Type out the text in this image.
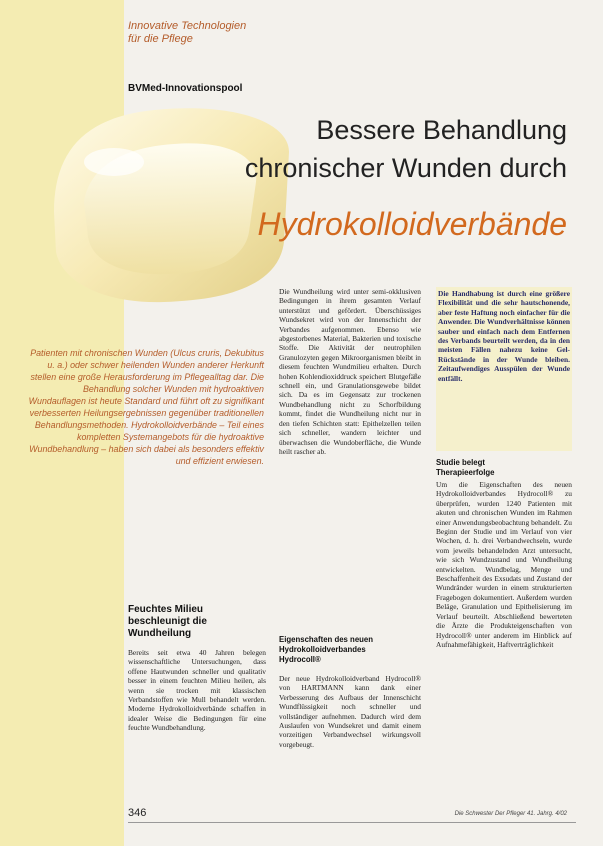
Innovative Technologien
für die Pflege
BVMed-Innovationspool
Bessere Behandlung
chronischer Wunden durch
Hydrokolloidverbände
Patienten mit chronischen Wunden (Ulcus cruris, Dekubitus u. a.) oder schwer heilenden Wunden anderer Herkunft stellen eine große Herausforderung im Pflegealltag dar. Die Behandlung solcher Wunden mit hydroaktiven Wundauflagen ist heute Standard und führt oft zu signifikant verbesserten Heilungsergebnissen gegenüber traditionellen Behandlungsmethoden. Hydrokolloidverbände – Teil eines kompletten Systemangebots für die hydroaktive Wundbehandlung – haben sich dabei als besonders effektiv und effizient erwiesen.
Feuchtes Milieu
beschleunigt die
Wundheilung
Bereits seit etwa 40 Jahren belegen wissenschaftliche Untersuchungen, dass offene Hautwunden schneller und qualitativ besser in einem feuchten Milieu heilen, als wenn sie trocken mit klassischen Verbandstoffen wie Mull behandelt werden. Moderne Hydrokolloidverbände schaffen in idealer Weise die Bedingungen für eine feuchte Wundbehandlung.
Die Wundheilung wird unter semi-okklusiven Bedingungen in ihrem gesamten Verlauf unterstützt und gefördert. Überschüssiges Wundsekret wird von der Innenschicht der Verbandes aufgenommen. Ebenso wie abgestorbenes Material, Bakterien und toxische Stoffe. Die Aktivität der neutrophilen Granulozyten gegen Mikroorganismen bleibt in diesem feuchten Wundmilieu erhalten. Durch hohen Kohlendioxiddruck speichert Blutgefäße schnell ein, und Granulationsgewebe bildet sich. Da es im Gegensatz zur trockenen Wundbehandlung nicht zu Schorfbildung kommt, findet die Wundheilung nicht nur in den tiefen Schichten statt: Epithelzellen teilen sich schneller, wandern leichter und überwachsen die Wundoberfläche, die Wunde heilt rascher ab.
Eigenschaften des neuen
Hydrokolloidverbandes
Hydrocoll®
Der neue Hydrokolloidverband Hydrocoll® von HARTMANN kann dank einer Verbesserung des Aufbaus der Innenschicht Wundflüssigkeit noch schneller und vollständiger aufnehmen. Dadurch wird dem Auslaufen von Wundsekret und damit einem vorzeitigen Verbandwechsel wirkungsvoll vorgebeugt.
Die Handhabung ist durch eine größere Flexibilität und die sehr hautschonende, aber feste Haftung noch einfacher für die Anwender. Die Wundverhältnisse können sauber und einfach nach dem Entfernen des Verbands beurteilt werden, da in den meisten Fällen nahezu keine Gel-Rückstände in der Wunde bleiben. Zeitaufwendiges Ausspülen der Wunde entfällt.
Studie belegt
Therapieerfolge
Um die Eigenschaften des neuen Hydrokolloidverbandes Hydrocoll® zu überprüfen, wurden 1240 Patienten mit akuten und chronischen Wunden im Rahmen einer Anwendungsbeobachtung behandelt. Zu Beginn der Studie und im Verlauf von vier Wochen, d. h. drei Verbandwechseln, wurde vom jeweils behandelnden Arzt untersucht, wie sich Wundzustand und Wundheilung entwickelten. Wundbelag, Menge und Beschaffenheit des Exsudats und Zustand der Wundränder wurden in einem strukturierten Fragebogen dokumentiert. Außerdem wurden Beläge, Granulation und Epithelisierung im Verlauf beurteilt. Abschließend bewerteten die Ärzte die Produkteigenschaften von Hydrocoll® unter anderem im Hinblick auf Aufnahmefähigkeit, Haftverträglichkeit
346	Die Schwester Der Pfleger 41. Jahrg. 4/02
